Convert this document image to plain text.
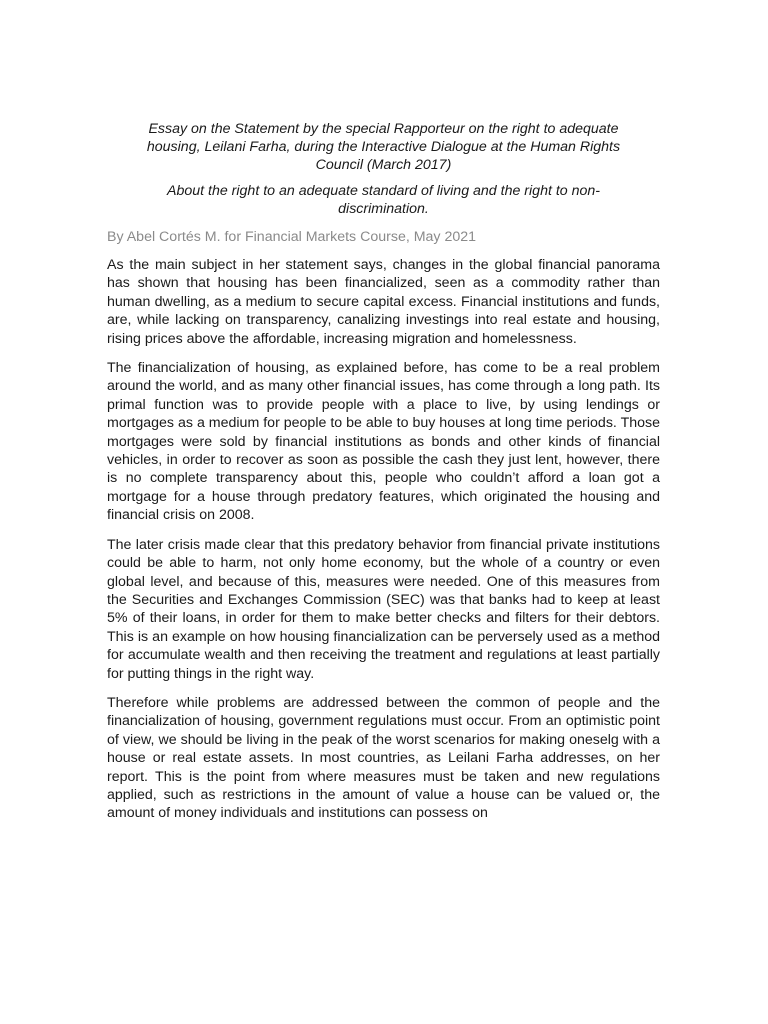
Essay on the Statement by the special Rapporteur on the right to adequate housing, Leilani Farha, during the Interactive Dialogue at the Human Rights Council (March 2017)

About the right to an adequate standard of living and the right to non-discrimination.

By Abel Cortés M. for Financial Markets Course, May 2021

As the main subject in her statement says, changes in the global financial panorama has shown that housing has been financialized, seen as a commodity rather than human dwelling, as a medium to secure capital excess. Financial institutions and funds, are, while lacking on transparency, canalizing investings into real estate and housing, rising prices above the affordable, increasing migration and homelessness.

The financialization of housing, as explained before, has come to be a real problem around the world, and as many other financial issues, has come through a long path. Its primal function was to provide people with a place to live, by using lendings or mortgages as a medium for people to be able to buy houses at long time periods. Those mortgages were sold by financial institutions as bonds and other kinds of financial vehicles, in order to recover as soon as possible the cash they just lent, however, there is no complete transparency about this, people who couldn’t afford a loan got a mortgage for a house through predatory features, which originated the housing and financial crisis on 2008.

The later crisis made clear that this predatory behavior from financial private institutions could be able to harm, not only home economy, but the whole of a country or even global level, and because of this, measures were needed. One of this measures from the Securities and Exchanges Commission (SEC) was that banks had to keep at least 5% of their loans, in order for them to make better checks and filters for their debtors. This is an example on how housing financialization can be perversely used as a method for accumulate wealth and then receiving the treatment and regulations at least partially for putting things in the right way.

Therefore while problems are addressed between the common of people and the financialization of housing, government regulations must occur. From an optimistic point of view, we should be living in the peak of the worst scenarios for making oneselg with a house or real estate assets. In most countries, as Leilani Farha addresses, on her report. This is the point from where measures must be taken and new regulations applied, such as restrictions in the amount of value a house can be valued or, the amount of money individuals and institutions can possess on
